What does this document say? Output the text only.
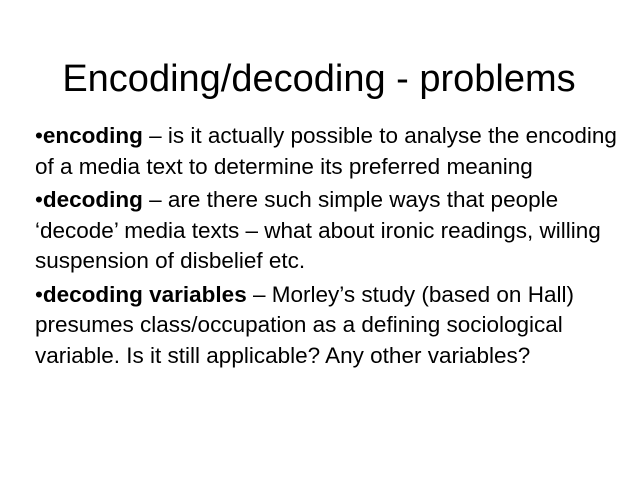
Encoding/decoding - problems
•encoding – is it actually possible to analyse the encoding of a media text to determine its preferred meaning
•decoding – are there such simple ways that people ‘decode’ media texts – what about ironic readings, willing suspension of disbelief etc.
•decoding variables – Morley’s study (based on Hall) presumes class/occupation as a defining sociological variable. Is it still applicable? Any other variables?
